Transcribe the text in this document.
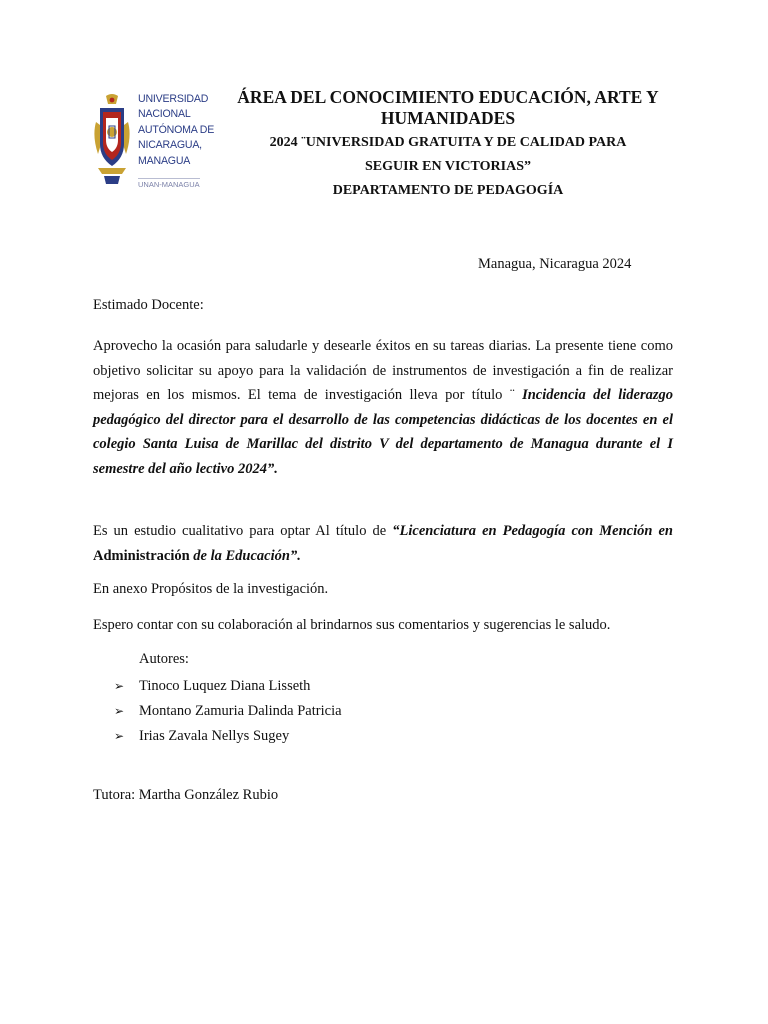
UNIVERSIDAD
NACIONAL
AUTÓNOMA DE
NICARAGUA,
MANAGUA
UNAN-MANAGUA
ÁREA DEL CONOCIMIENTO EDUCACIÓN, ARTE Y
HUMANIDADES
2024 ¨UNIVERSIDAD GRATUITA Y DE CALIDAD PARA
SEGUIR EN VICTORIAS”
DEPARTAMENTO DE PEDAGOGÍA
Managua, Nicaragua 2024
Estimado Docente:
Aprovecho la ocasión para saludarle y desearle éxitos en su tareas diarias. La presente tiene como objetivo solicitar su apoyo para la validación de instrumentos de investigación a fin de realizar mejoras en los mismos. El tema de investigación lleva por título ¨ Incidencia del liderazgo pedagógico del director para el desarrollo de las competencias didácticas de los docentes en el colegio Santa Luisa de Marillac del distrito V del departamento de Managua durante el I semestre del año lectivo 2024”.
Es un estudio cualitativo para optar Al título de “Licenciatura en Pedagogía con Mención en Administración de la Educación”.
En anexo Propósitos de la investigación.
Espero contar con su colaboración al brindarnos sus comentarios y sugerencias le saludo.
Autores:
➢ Tinoco Luquez Diana Lisseth
➢ Montano Zamuria Dalinda Patricia
➢ Irias Zavala Nellys Sugey
Tutora: Martha González Rubio
